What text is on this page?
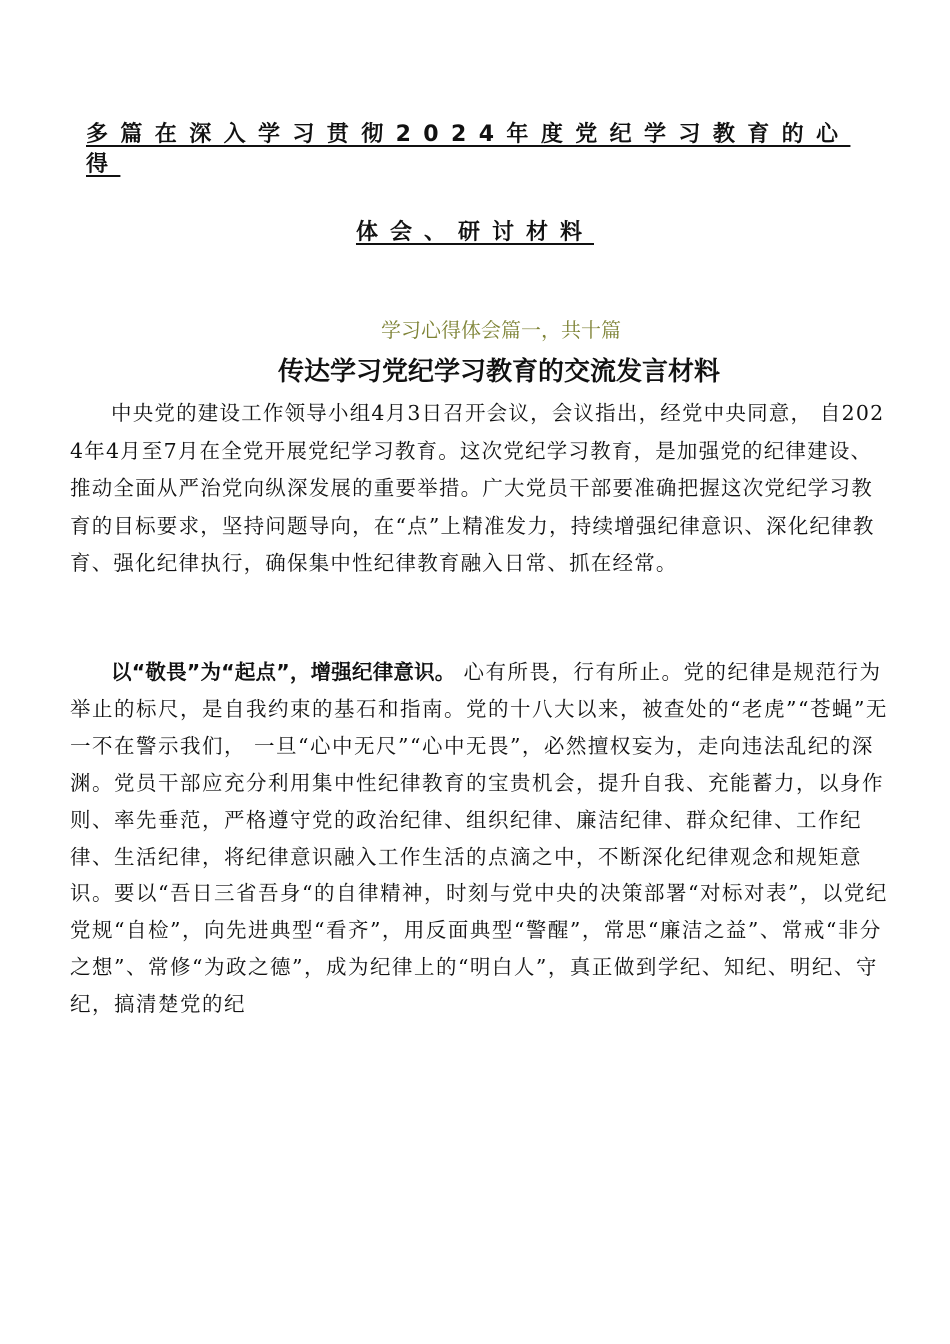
多篇在深入学习贯彻2024年度党纪学习教育的心得
体会、研讨材料

学习心得体会篇一，共十篇

传达学习党纪学习教育的交流发言材料

中央党的建设工作领导小组4月3日召开会议，会议指出，经党中央同意， 自2024年4月至7月在全党开展党纪学习教育。这次党纪学习教育，是加强党的纪律建设、推动全面从严治党向纵深发展的重要举措。广大党员干部要准确把握这次党纪学习教育的目标要求，坚持问题导向，在“点”上精准发力，持续增强纪律意识、深化纪律教育、强化纪律执行，确保集中性纪律教育融入日常、抓在经常。

以“敬畏”为“起点”，增强纪律意识。 心有所畏，行有所止。党的纪律是规范行为举止的标尺，是自我约束的基石和指南。党的十八大以来，被查处的“老虎”“苍蝇”无一不在警示我们， 一旦“心中无尺”“心中无畏”，必然擅权妄为，走向违法乱纪的深渊。党员干部应充分利用集中性纪律教育的宝贵机会，提升自我、充能蓄力，以身作则、率先垂范，严格遵守党的政治纪律、组织纪律、廉洁纪律、群众纪律、工作纪律、生活纪律，将纪律意识融入工作生活的点滴之中，不断深化纪律观念和规矩意识。要以“吾日三省吾身“的自律精神，时刻与党中央的决策部署“对标对表”，以党纪党规“自检”，向先进典型“看齐”，用反面典型“警醒”，常思“廉洁之益”、常戒“非分之想”、常修“为政之德”，成为纪律上的“明白人”，真正做到学纪、知纪、明纪、守纪，搞清楚党的纪
